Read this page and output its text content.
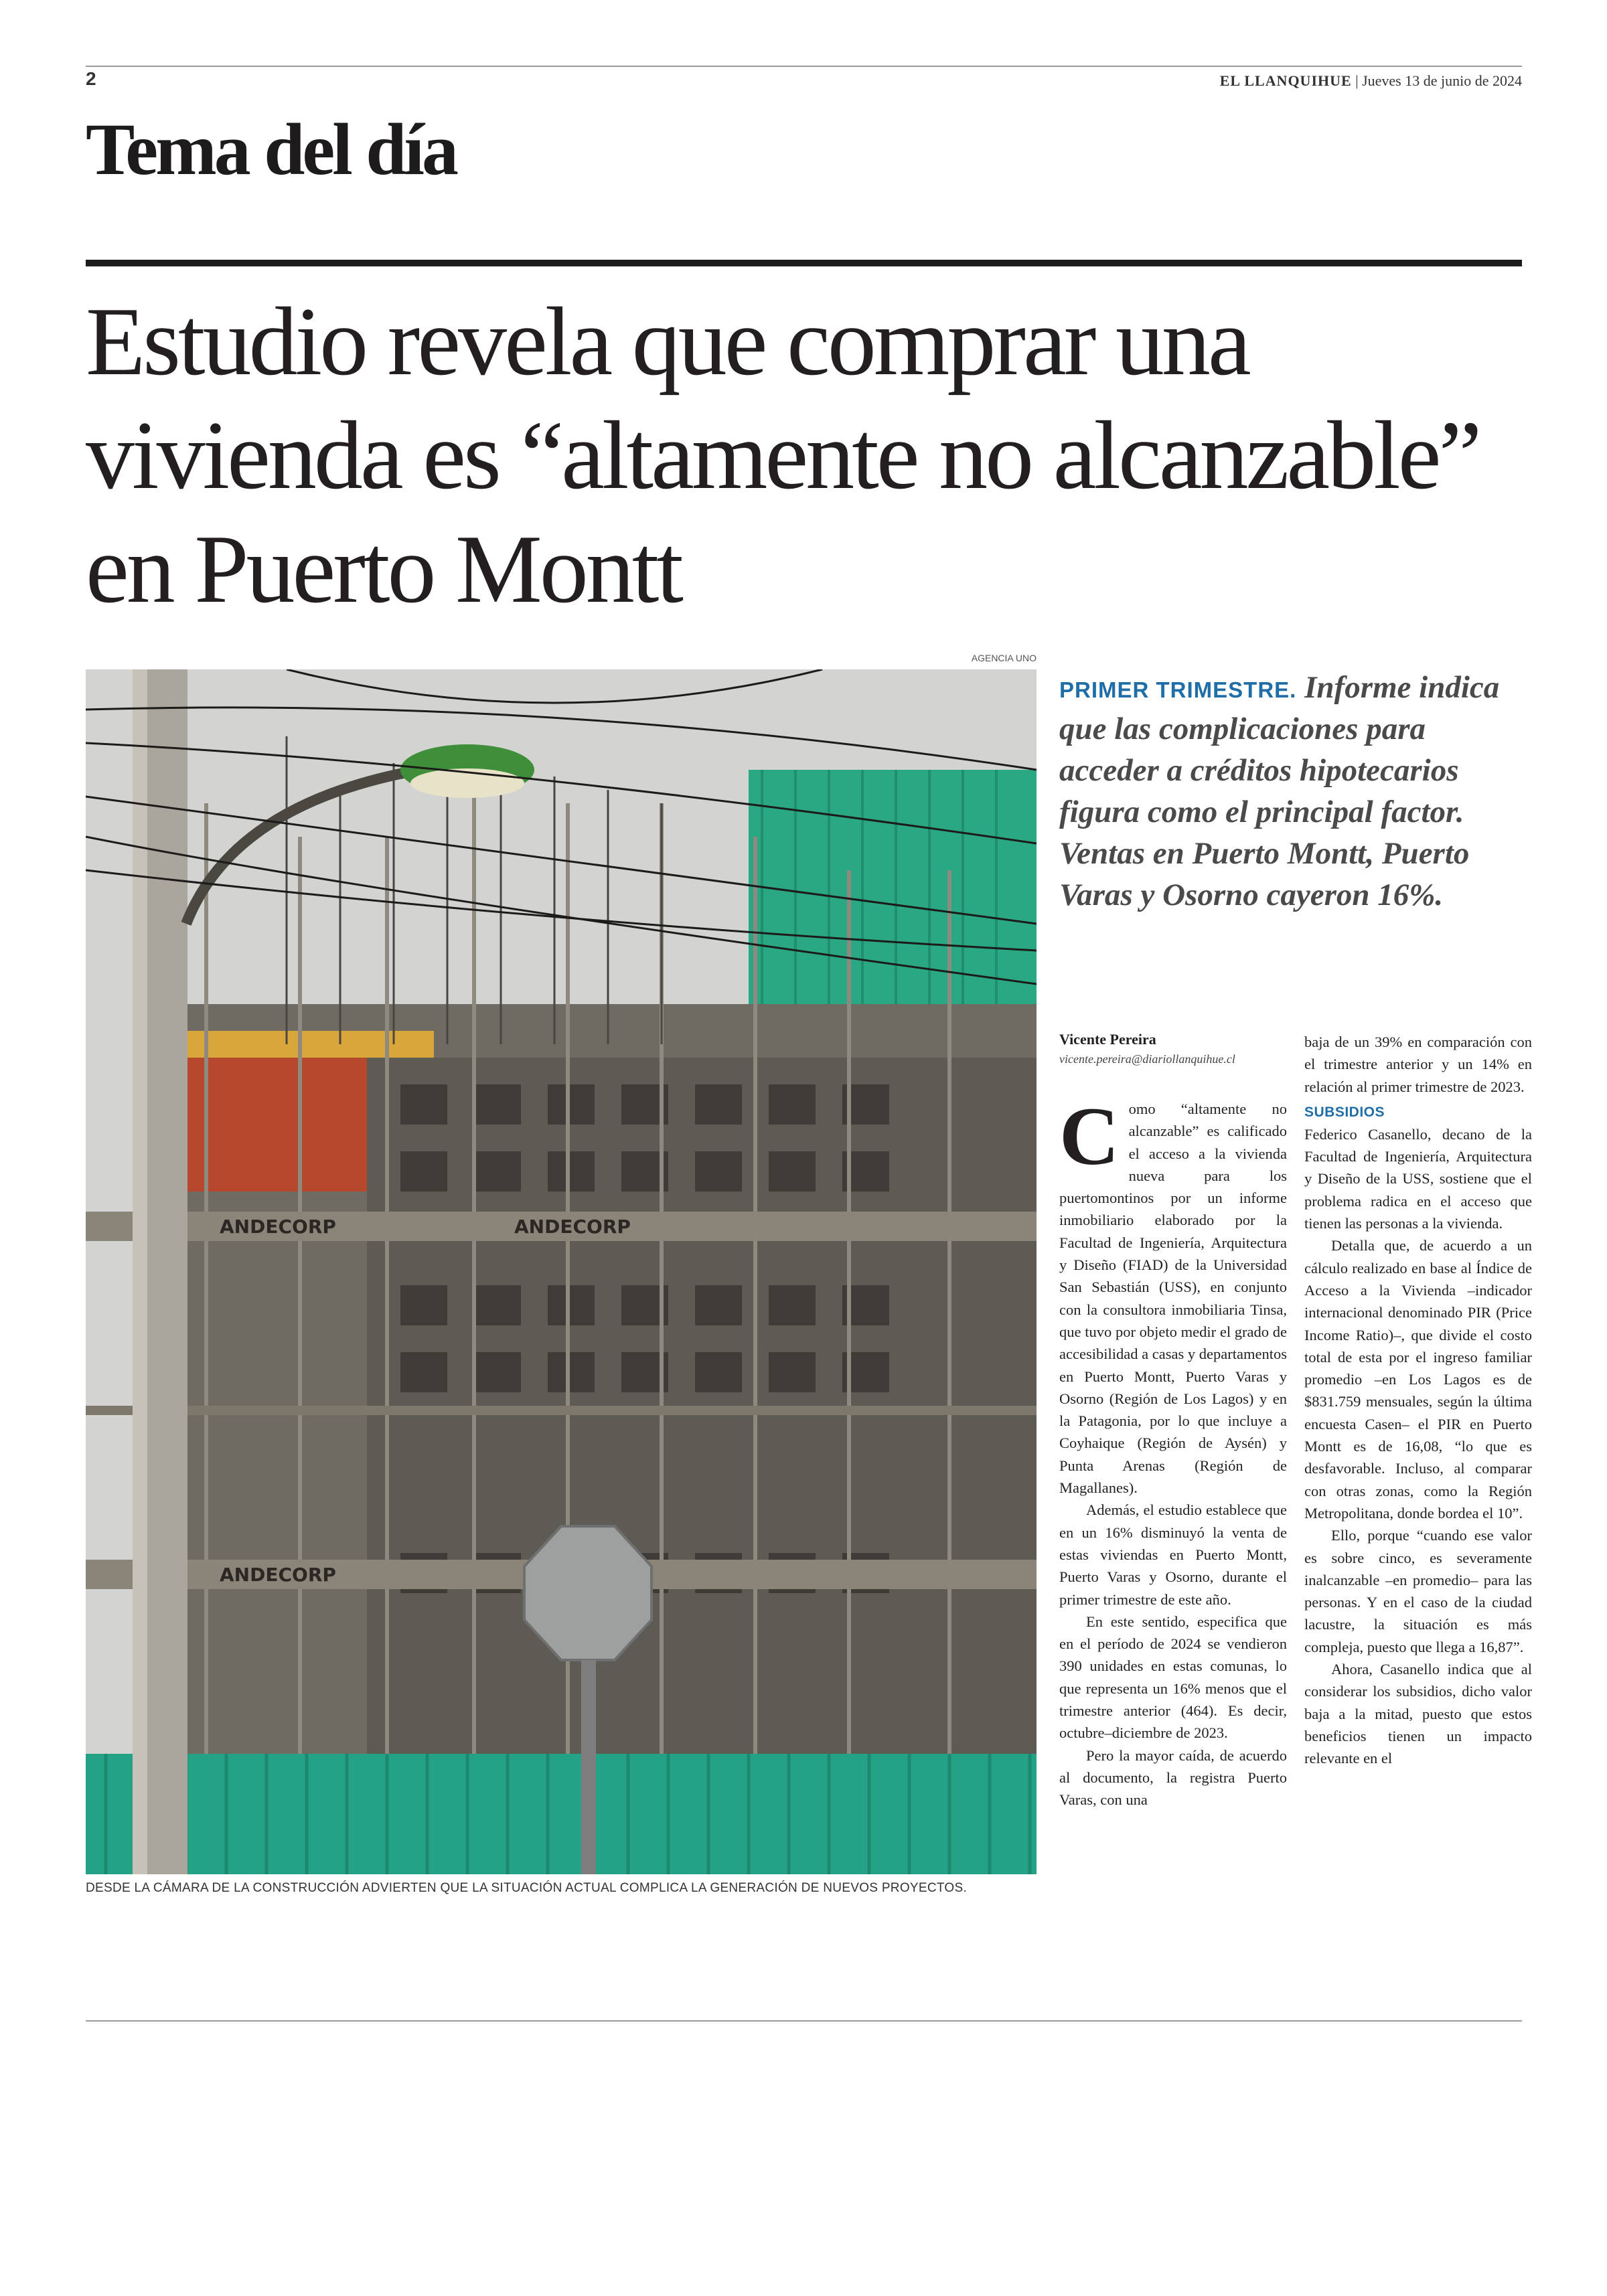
2	EL LLANQUIHUE | Jueves 13 de junio de 2024
Tema del día
Estudio revela que comprar una vivienda es “altamente no alcanzable” en Puerto Montt
AGENCIA UNO
ANDECORP	ANDECORP
ANDECORP
DESDE LA CÁMARA DE LA CONSTRUCCIÓN ADVIERTEN QUE LA SITUACIÓN ACTUAL COMPLICA LA GENERACIÓN DE NUEVOS PROYECTOS.

PRIMER TRIMESTRE. Informe indica que las complicaciones para acceder a créditos hipotecarios figura como el principal factor. Ventas en Puerto Montt, Puerto Varas y Osorno cayeron 16%.

Vicente Pereira
vicente.pereira@diariollanquihue.cl

Como “altamente no alcanzable” es calificado el acceso a la vivienda nueva para los puertomontinos por un informe inmobiliario elaborado por la Facultad de Ingeniería, Arquitectura y Diseño (FIAD) de la Universidad San Sebastián (USS), en conjunto con la consultora inmobiliaria Tinsa, que tuvo por objeto medir el grado de accesibilidad a casas y departamentos en Puerto Montt, Puerto Varas y Osorno (Región de Los Lagos) y en la Patagonia, por lo que incluye a Coyhaique (Región de Aysén) y Punta Arenas (Región de Magallanes).

Además, el estudio establece que en un 16% disminuyó la venta de estas viviendas en Puerto Montt, Puerto Varas y Osorno, durante el primer trimestre de este año.

En este sentido, especifica que en el período de 2024 se vendieron 390 unidades en estas comunas, lo que representa un 16% menos que el trimestre anterior (464). Es decir, octubre–diciembre de 2023.

Pero la mayor caída, de acuerdo al documento, la registra Puerto Varas, con una

baja de un 39% en comparación con el trimestre anterior y un 14% en relación al primer trimestre de 2023.

SUBSIDIOS

Federico Casanello, decano de la Facultad de Ingeniería, Arquitectura y Diseño de la USS, sostiene que el problema radica en el acceso que tienen las personas a la vivienda.

Detalla que, de acuerdo a un cálculo realizado en base al Índice de Acceso a la Vivienda –indicador internacional denominado PIR (Price Income Ratio)–, que divide el costo total de esta por el ingreso familiar promedio –en Los Lagos es de $831.759 mensuales, según la última encuesta Casen– el PIR en Puerto Montt es de 16,08, “lo que es desfavorable. Incluso, al comparar con otras zonas, como la Región Metropolitana, donde bordea el 10”.

Ello, porque “cuando ese valor es sobre cinco, es severamente inalcanzable –en promedio– para las personas. Y en el caso de la ciudad lacustre, la situación es más compleja, puesto que llega a 16,87”.

Ahora, Casanello indica que al considerar los subsidios, dicho valor baja a la mitad, puesto que estos beneficios tienen un impacto relevante en el
